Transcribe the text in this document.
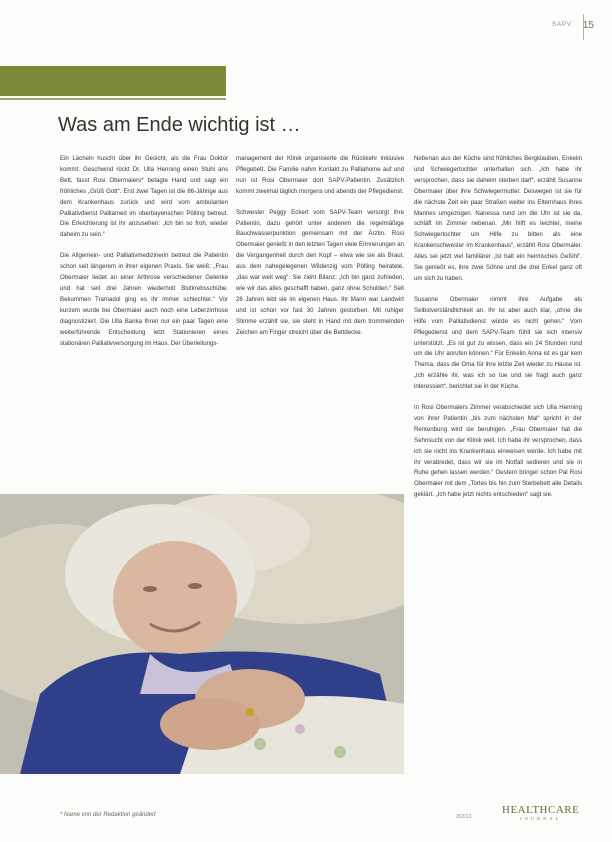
SAPV 15
Was am Ende wichtig ist …

Ein Lächeln huscht über ihr Gesicht, als die Frau Doktor kommt. Geschwind rückt Dr. Ulla Henning einen Stuhl ans Bett, fasst Rosi Obermaiers* betagte Hand und sagt ein fröhliches „Grüß Gott“. Erst zwei Tagen ist die 86-Jährige aus dem Krankenhaus zurück und wird vom ambulanten Palliativdienst Palliamed im oberbayerischen Pölling betreut. Die Erleichterung ist ihr anzusehen: „Ich bin so froh, wieder daheim zu sein.“

Die Allgemein- und Palliativmedizinerin betreut die Patientin schon seit längerem in ihrer eigenen Praxis. Sie weiß: „Frau Obermaier leidet an einer Arthrose verschiedener Gelenke und hat seit drei Jahren wiederholt Blutkrebsschübe. Bekommen Tramadol ging es ihr immer schlechter.“ Vor kurzem wurde bei Obermaier auch noch eine Leberzirrhose diagnostiziert. Die Ulla Banka Ihren nur ein paar Tagen eine weiterführende Entscheidung letzt Stationieren eines stationären Palliativversorgung im Haus. Der Überleitungs-

management der Klinik organisierte die Rückkehr inklusive Pflegebett. Die Familie nahm Kontakt zu Palliahome auf und nun ist Rosi Obermaier dort SAPV-Patientin. Zusätzlich kommt zweimal täglich morgens und abends der Pflegedienst.

Schwester Peggy Eckert vom SAPV-Team versorgt ihre Patientin, dazu gehört unter anderem die regelmäßige Bauchwasserpunktion gemeinsam mit der Ärztin. Rosi Obermaier genießt in den letzten Tagen viele Erinnerungen an die Vergangenheit durch den Kopf – etwa wie sie als Braut, aus dem nahegelegenen Wildenzig vom Pölling heiratete, „das war weit weg“. Sie zieht Bilanz: „Ich bin ganz zufrieden, wie wir das alles geschafft haben, ganz ohne Schulden.“ Seit 26 Jahren lebt sie im eigenen Haus. Ihr Mann war Landwirt und ist schon vor fast 30 Jahren gestorben. Mit ruhiger Stimme erzählt sie, sie steht in Hand mit dem trommelnden Zeichen am Finger streicht über die Bettdecke.

Nebenan aus der Küche sind fröhliches Bergklauben, Enkelin und Schwiegertochter unterhalten sich. „Ich habe ihr versprochen, dass sie daheim sterben darf“, erzählt Susanne Obermaier über ihre Schwiegermutter. Deswegen ist sie für die nächste Zeit ein paar Straßen weiter ins Elternhaus ihres Mannes umgezogen. Nanessa rund um die Uhr ist sie da, schläft im Zimmer nebenan. „Mir hilft es leichter, meine Schwiegertochter um Hilfe zu bitten als eine Krankenschwester im Krankenhaus“, erzählt Rosi Obermaier. Alles sei jetzt viel familiärer „ist halt ein heimisches Gefühl“. Sie genießt es, ihre zwei Söhne und die drei Enkel ganz oft um sich zu haben.

Susanne Obermaier nimmt ihre Aufgabe als Selbstverständlichkeit an. Ihr ist aber auch klar, „ohne die Hilfe vom Palliativdienst würde es nicht gehen.“ Vom Pflegedienst und dem SAPV-Team fühlt sie sich intensiv unterstützt. „Es ist gut zu wissen, dass ein 24 Stunden rund um die Uhr anrufen können.“ Für Enkelin Anna ist es gar kein Thema, dass die Oma für ihre letzte Zeit wieder zu Hause ist. „Ich erzähle ihr, was ich so tue und sie fragt auch ganz interessiert“, berichtet sie in der Küche.

In Rosi Obermaiers Zimmer verabschiedet sich Ulla Henning von ihrer Patientin „bis zum nächsten Mal“ spricht in der Rentenbung wird sie beruhigen. „Frau Obermaier hat die Sehnsucht von der Klinik weit. Ich habe ihr versprochen, dass ich sie nicht ins Krankenhaus einweisen werde. Ich habe mit ihr verabredet, dass wir sie im Notfall sedieren und sie in Ruhe gehen lassen werden.“ Oestern bringer schon Pal Rosi Obermaier mit dem „Tortes bis hin zum Sterbebett alle Details geklärt. „Ich habe jetzt nichts entschieden“ sagt sie.

* Name von der Redaktion geändert	3/2013
HEALTHCARE
JOURNAL
